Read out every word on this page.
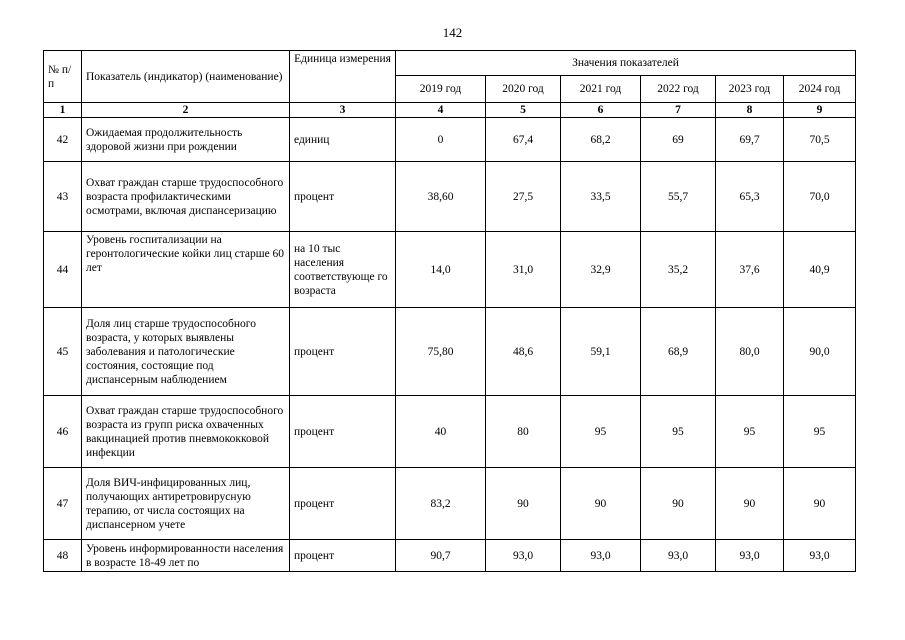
142
№ п/п	Показатель (индикатор) (наименование)	Единица измерения	Значения показателей					
			2019 год	2020 год	2021 год	2022 год	2023 год	2024 год
1	2	3	4	5	6	7	8	9
42	Ожидаемая продолжительность здоровой жизни при рождении	единиц	0	67,4	68,2	69	69,7	70,5
43	Охват граждан старше трудоспособного возраста профилактическими осмотрами, включая диспансеризацию	процент	38,60	27,5	33,5	55,7	65,3	70,0
44	Уровень госпитализации на геронтологические койки лиц старше 60 лет	на 10 тыс населения соответствующе го возраста	14,0	31,0	32,9	35,2	37,6	40,9
45	Доля лиц старше трудоспособного возраста, у которых выявлены заболевания и патологические состояния, состоящие под диспансерным наблюдением	процент	75,80	48,6	59,1	68,9	80,0	90,0
46	Охват граждан старше трудоспособного возраста из групп риска охваченных вакцинацией против пневмококковой инфекции	процент	40	80	95	95	95	95
47	Доля ВИЧ-инфицированных лиц, получающих антиретровирусную терапию, от числа состоящих на диспансерном учете	процент	83,2	90	90	90	90	90
48	Уровень информированности населения в возрасте 18-49 лет по	процент	90,7	93,0	93,0	93,0	93,0	93,0
